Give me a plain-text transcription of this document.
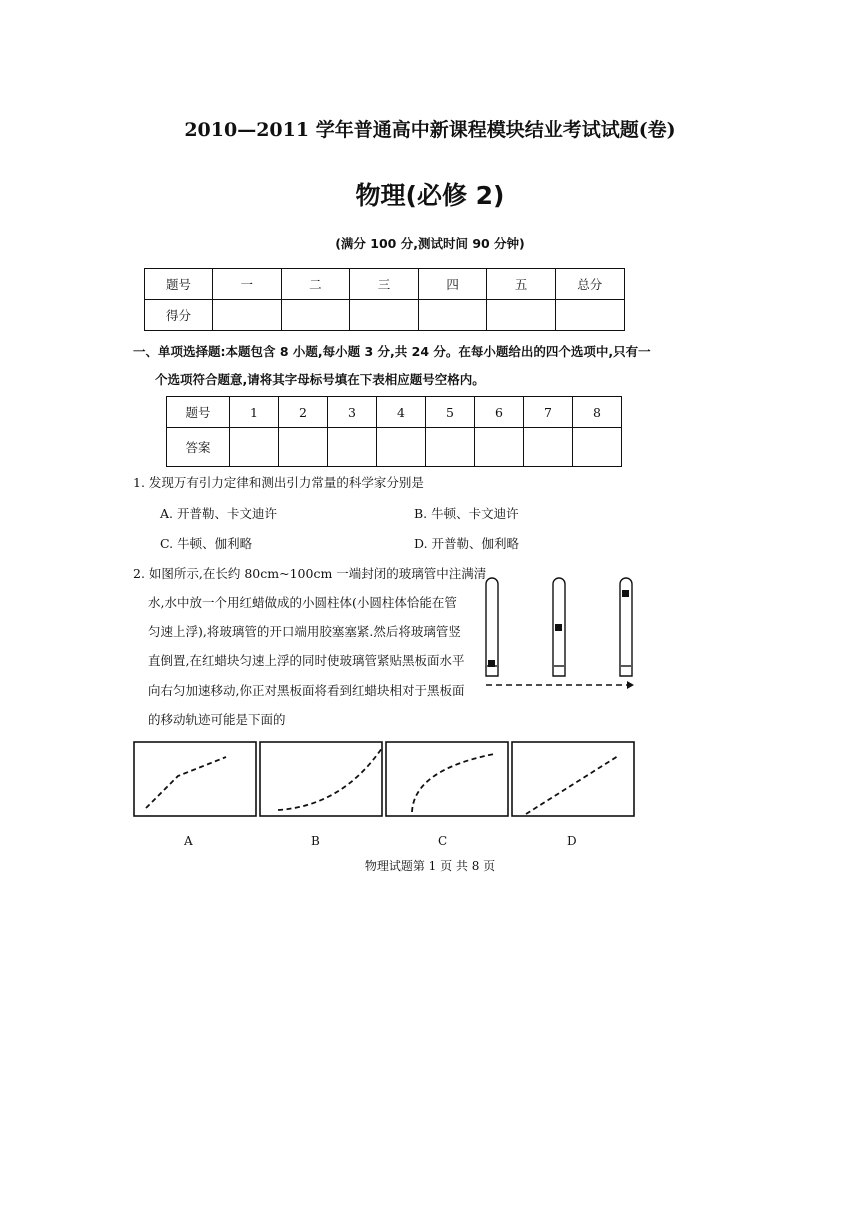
2010—2011 学年普通高中新课程模块结业考试试题(卷)
物理(必修 2)
(满分 100 分,测试时间 90 分钟)
题号	一	二	三	四	五	总分
得分						
一、单项选择题:本题包含 8 小题,每小题 3 分,共 24 分。在每小题给出的四个选项中,只有一
个选项符合题意,请将其字母标号填在下表相应题号空格内。
题号	1	2	3	4	5	6	7	8
答案								
1. 发现万有引力定律和测出引力常量的科学家分别是
A. 开普勒、卡文迪许	B. 牛顿、卡文迪许
C. 牛顿、伽利略	D. 开普勒、伽利略
2. 如图所示,在长约 80cm~100cm 一端封闭的玻璃管中注满清
水,水中放一个用红蜡做成的小圆柱体(小圆柱体恰能在管
匀速上浮),将玻璃管的开口端用胶塞塞紧.然后将玻璃管竖
直倒置,在红蜡块匀速上浮的同时使玻璃管紧贴黑板面水平
向右匀加速移动,你正对黑板面将看到红蜡块相对于黑板面
的移动轨迹可能是下面的
A	B	C	D
物理试题第 1 页 共 8 页
